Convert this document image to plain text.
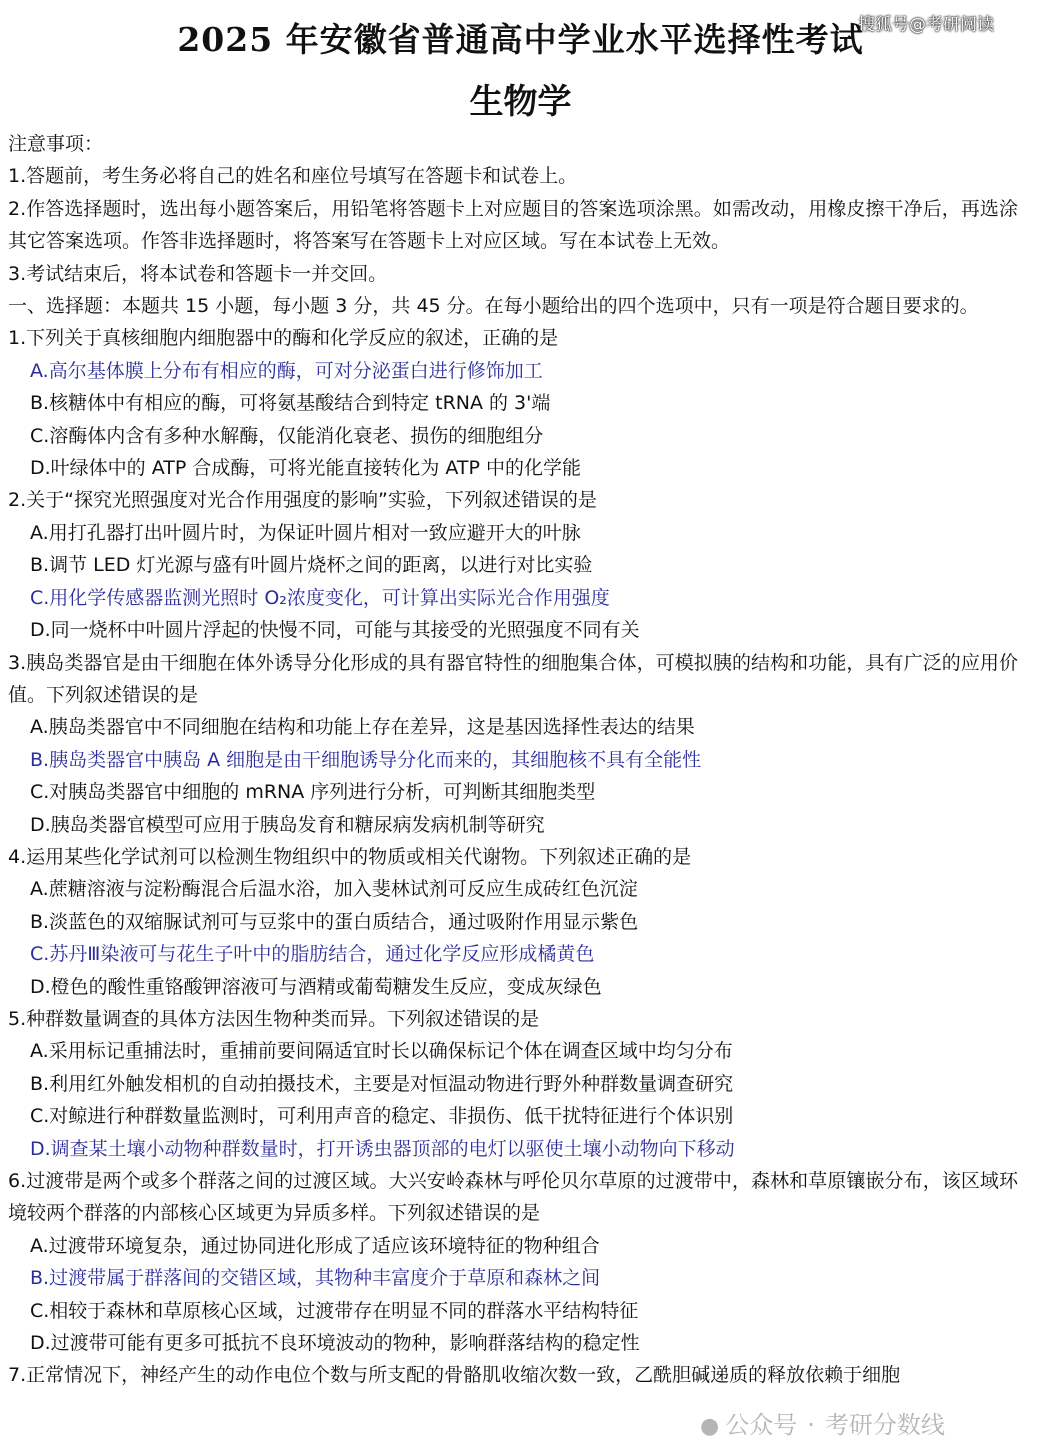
搜狐号@考研阅读
2025 年安徽省普通高中学业水平选择性考试
生物学
注意事项：
1.答题前，考生务必将自己的姓名和座位号填写在答题卡和试卷上。
2.作答选择题时，选出每小题答案后，用铅笔将答题卡上对应题目的答案选项涂黑。如需改动，用橡皮擦干净后，再选涂其它答案选项。作答非选择题时，将答案写在答题卡上对应区域。写在本试卷上无效。
3.考试结束后，将本试卷和答题卡一并交回。
一、选择题：本题共 15 小题，每小题 3 分，共 45 分。在每小题给出的四个选项中，只有一项是符合题目要求的。
1.下列关于真核细胞内细胞器中的酶和化学反应的叙述，正确的是
A.高尔基体膜上分布有相应的酶，可对分泌蛋白进行修饰加工
B.核糖体中有相应的酶，可将氨基酸结合到特定 tRNA 的 3'端
C.溶酶体内含有多种水解酶，仅能消化衰老、损伤的细胞组分
D.叶绿体中的 ATP 合成酶，可将光能直接转化为 ATP 中的化学能
2.关于“探究光照强度对光合作用强度的影响”实验，下列叙述错误的是
A.用打孔器打出叶圆片时，为保证叶圆片相对一致应避开大的叶脉
B.调节 LED 灯光源与盛有叶圆片烧杯之间的距离，以进行对比实验
C.用化学传感器监测光照时 O₂浓度变化，可计算出实际光合作用强度
D.同一烧杯中叶圆片浮起的快慢不同，可能与其接受的光照强度不同有关
3.胰岛类器官是由干细胞在体外诱导分化形成的具有器官特性的细胞集合体，可模拟胰的结构和功能，具有广泛的应用价值。下列叙述错误的是
A.胰岛类器官中不同细胞在结构和功能上存在差异，这是基因选择性表达的结果
B.胰岛类器官中胰岛 A 细胞是由干细胞诱导分化而来的，其细胞核不具有全能性
C.对胰岛类器官中细胞的 mRNA 序列进行分析，可判断其细胞类型
D.胰岛类器官模型可应用于胰岛发育和糖尿病发病机制等研究
4.运用某些化学试剂可以检测生物组织中的物质或相关代谢物。下列叙述正确的是
A.蔗糖溶液与淀粉酶混合后温水浴，加入斐林试剂可反应生成砖红色沉淀
B.淡蓝色的双缩脲试剂可与豆浆中的蛋白质结合，通过吸附作用显示紫色
C.苏丹Ⅲ染液可与花生子叶中的脂肪结合，通过化学反应形成橘黄色
D.橙色的酸性重铬酸钾溶液可与酒精或葡萄糖发生反应，变成灰绿色
5.种群数量调查的具体方法因生物种类而异。下列叙述错误的是
A.采用标记重捕法时，重捕前要间隔适宜时长以确保标记个体在调查区域中均匀分布
B.利用红外触发相机的自动拍摄技术，主要是对恒温动物进行野外种群数量调查研究
C.对鲸进行种群数量监测时，可利用声音的稳定、非损伤、低干扰特征进行个体识别
D.调查某土壤小动物种群数量时，打开诱虫器顶部的电灯以驱使土壤小动物向下移动
6.过渡带是两个或多个群落之间的过渡区域。大兴安岭森林与呼伦贝尔草原的过渡带中，森林和草原镶嵌分布，该区域环境较两个群落的内部核心区域更为异质多样。下列叙述错误的是
A.过渡带环境复杂，通过协同进化形成了适应该环境特征的物种组合
B.过渡带属于群落间的交错区域，其物种丰富度介于草原和森林之间
C.相较于森林和草原核心区域，过渡带存在明显不同的群落水平结构特征
D.过渡带可能有更多可抵抗不良环境波动的物种，影响群落结构的稳定性
7.正常情况下，神经产生的动作电位个数与所支配的骨骼肌收缩次数一致，乙酰胆碱递质的释放依赖于细胞
● 公众号 · 考研分数线
